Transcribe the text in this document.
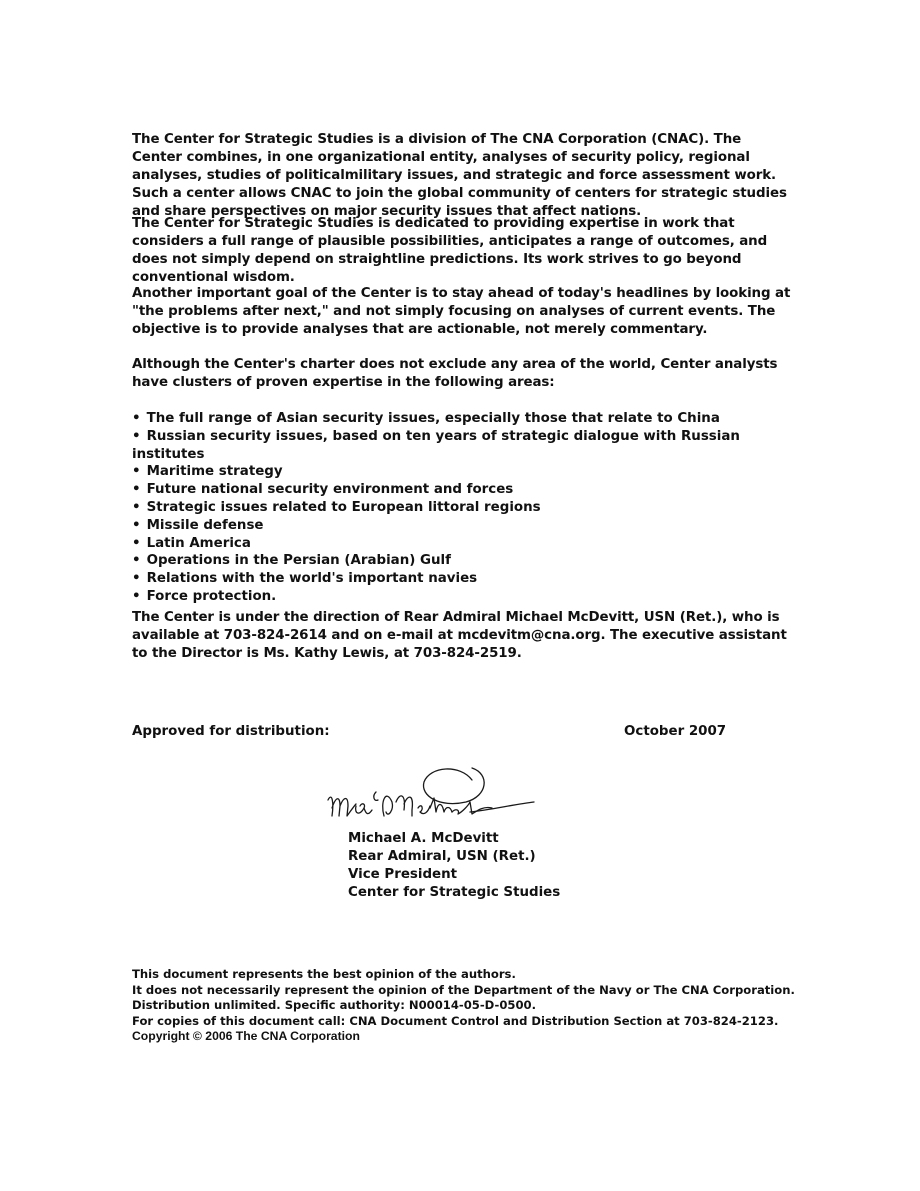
The Center for Strategic Studies is a division of The CNA Corporation (CNAC). The Center combines, in one organizational entity, analyses of security policy, regional analyses, studies of politicalmilitary issues, and strategic and force assessment work. Such a center allows CNAC to join the global community of centers for strategic studies and share perspectives on major security issues that affect nations.

The Center for Strategic Studies is dedicated to providing expertise in work that considers a full range of plausible possibilities, anticipates a range of outcomes, and does not simply depend on straightline predictions. Its work strives to go beyond conventional wisdom.

Another important goal of the Center is to stay ahead of today's headlines by looking at "the problems after next," and not simply focusing on analyses of current events. The objective is to provide analyses that are actionable, not merely commentary.

Although the Center's charter does not exclude any area of the world, Center analysts have clusters of proven expertise in the following areas:

• The full range of Asian security issues, especially those that relate to China
• Russian security issues, based on ten years of strategic dialogue with Russian institutes
• Maritime strategy
• Future national security environment and forces
• Strategic issues related to European littoral regions
• Missile defense
• Latin America
• Operations in the Persian (Arabian) Gulf
• Relations with the world's important navies
• Force protection.

The Center is under the direction of Rear Admiral Michael McDevitt, USN (Ret.), who is available at 703-824-2614 and on e-mail at mcdevitm@cna.org. The executive assistant to the Director is Ms. Kathy Lewis, at 703-824-2519.

Approved for distribution:	October 2007

Michael A. McDevitt
Rear Admiral, USN (Ret.)
Vice President
Center for Strategic Studies
This document represents the best opinion of the authors.
It does not necessarily represent the opinion of the Department of the Navy or The CNA Corporation.
Distribution unlimited. Specific authority: N00014-05-D-0500.
For copies of this document call: CNA Document Control and Distribution Section at 703-824-2123.
Copyright © 2006 The CNA Corporation
